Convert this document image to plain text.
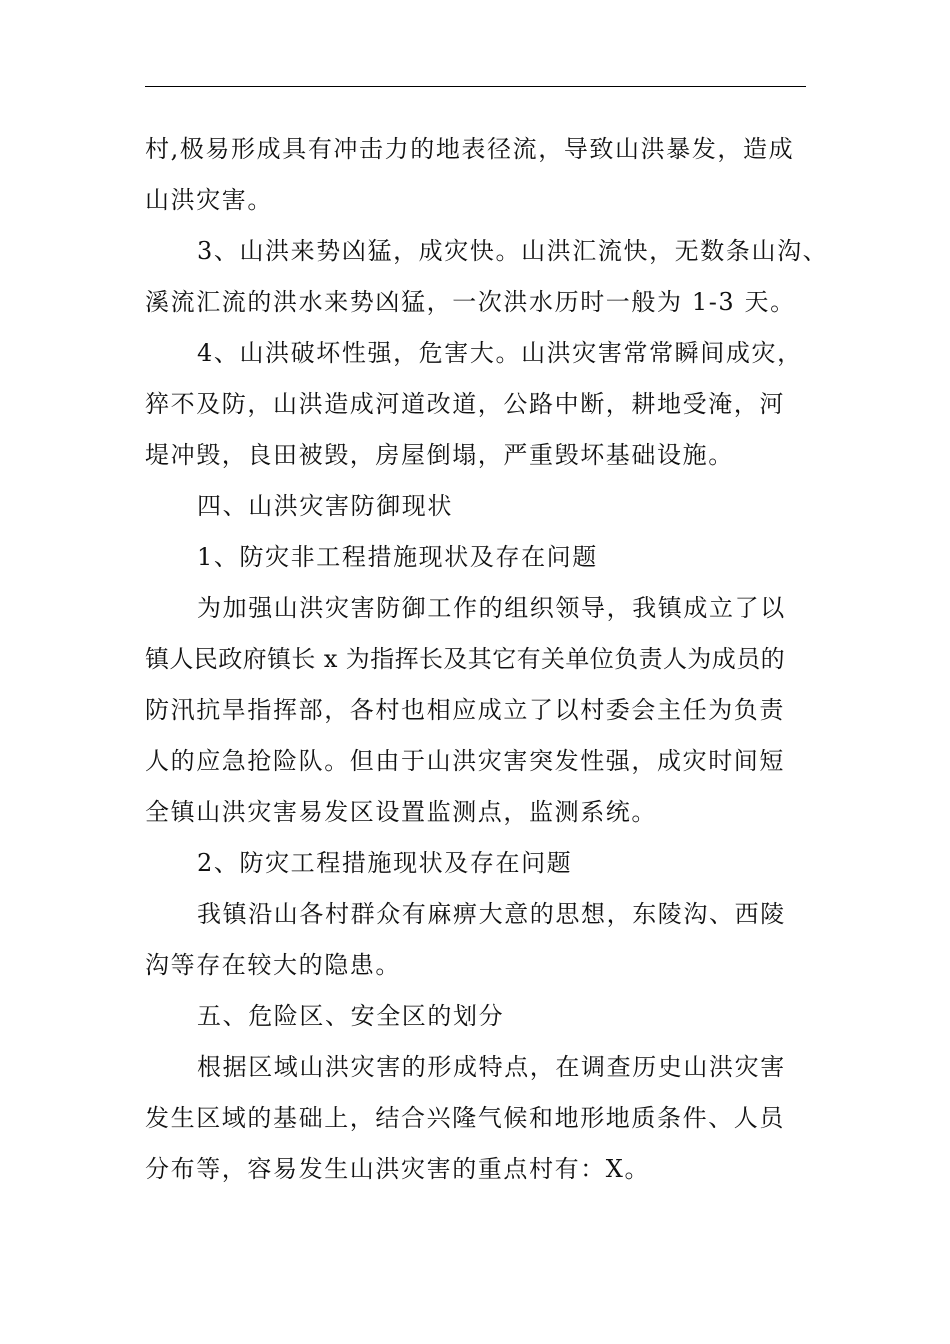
村,极易形成具有冲击力的地表径流，导致山洪暴发，造成
山洪灾害。
3、山洪来势凶猛，成灾快。山洪汇流快，无数条山沟、
溪流汇流的洪水来势凶猛，一次洪水历时一般为 1-3 天。
4、山洪破坏性强，危害大。山洪灾害常常瞬间成灾，
猝不及防，山洪造成河道改道，公路中断，耕地受淹，河
堤冲毁，良田被毁，房屋倒塌，严重毁坏基础设施。
四、山洪灾害防御现状
1、防灾非工程措施现状及存在问题
为加强山洪灾害防御工作的组织领导，我镇成立了以
镇人民政府镇长 x 为指挥长及其它有关单位负责人为成员的
防汛抗旱指挥部，各村也相应成立了以村委会主任为负责
人的应急抢险队。但由于山洪灾害突发性强，成灾时间短
全镇山洪灾害易发区设置监测点，监测系统。
2、防灾工程措施现状及存在问题
我镇沿山各村群众有麻痹大意的思想，东陵沟、西陵
沟等存在较大的隐患。
五、危险区、安全区的划分
根据区域山洪灾害的形成特点，在调查历史山洪灾害
发生区域的基础上，结合兴隆气候和地形地质条件、人员
分布等，容易发生山洪灾害的重点村有：X。
